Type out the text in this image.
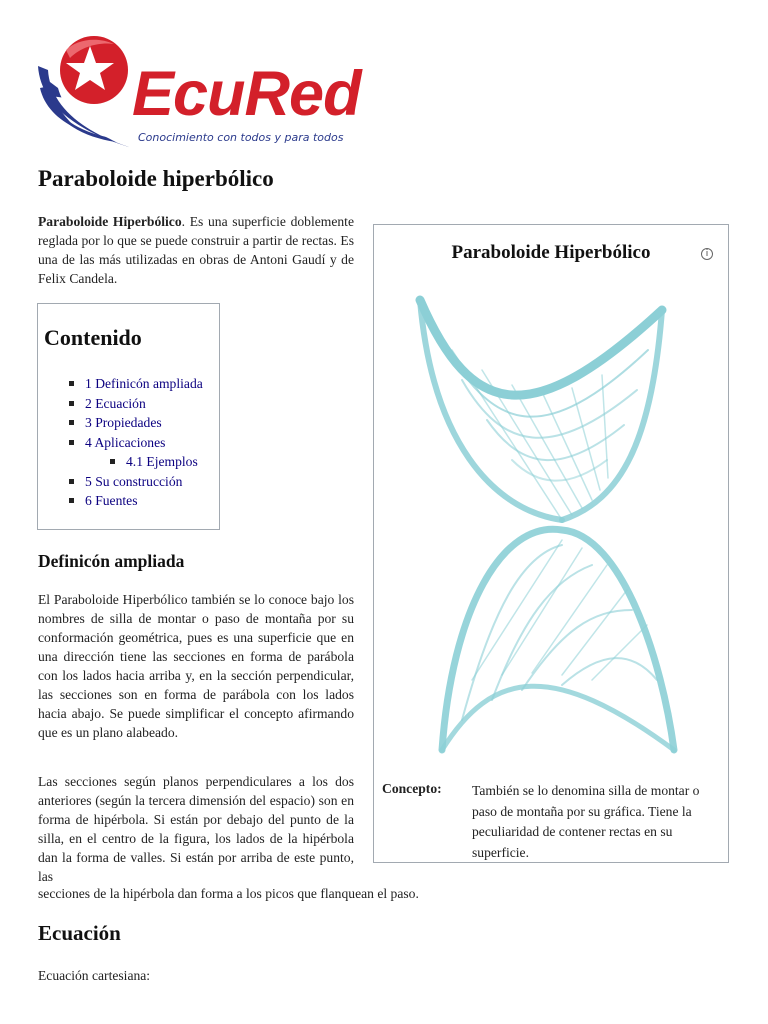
EcuRed
Conocimiento con todos y para todos
Paraboloide hiperbólico

Paraboloide Hiperbólico. Es una superficie doblemente reglada por lo que se puede construir a partir de rectas. Es una de las más utilizadas en obras de Antoni Gaudí y de Felix Candela.

Contenido
1 Definicón ampliada
2 Ecuación
3 Propiedades
4 Aplicaciones
4.1 Ejemplos
5 Su construcción
6 Fuentes
Definicón ampliada

El Paraboloide Hiperbólico también se lo conoce bajo los nombres de silla de montar o paso de montaña por su conformación geométrica, pues es una superficie que en una dirección tiene las secciones en forma de parábola con los lados hacia arriba y, en la sección perpendicular, las secciones son en forma de parábola con los lados hacia abajo. Se puede simplificar el concepto afirmando que es un plano alabeado.

Las secciones según planos perpendiculares a los dos anteriores (según la tercera dimensión del espacio) son en forma de hipérbola. Si están por debajo del punto de la silla, en el centro de la figura, los lados de la hipérbola dan la forma de valles. Si están por arriba de este punto, las

secciones de la hipérbola dan forma a los picos que flanquean el paso.

Ecuación

Ecuación cartesiana:

Paraboloide Hiperbólico	i
Concepto: También se lo denomina silla de montar o paso de montaña por su gráfica. Tiene la peculiaridad de contener rectas en su superficie.
